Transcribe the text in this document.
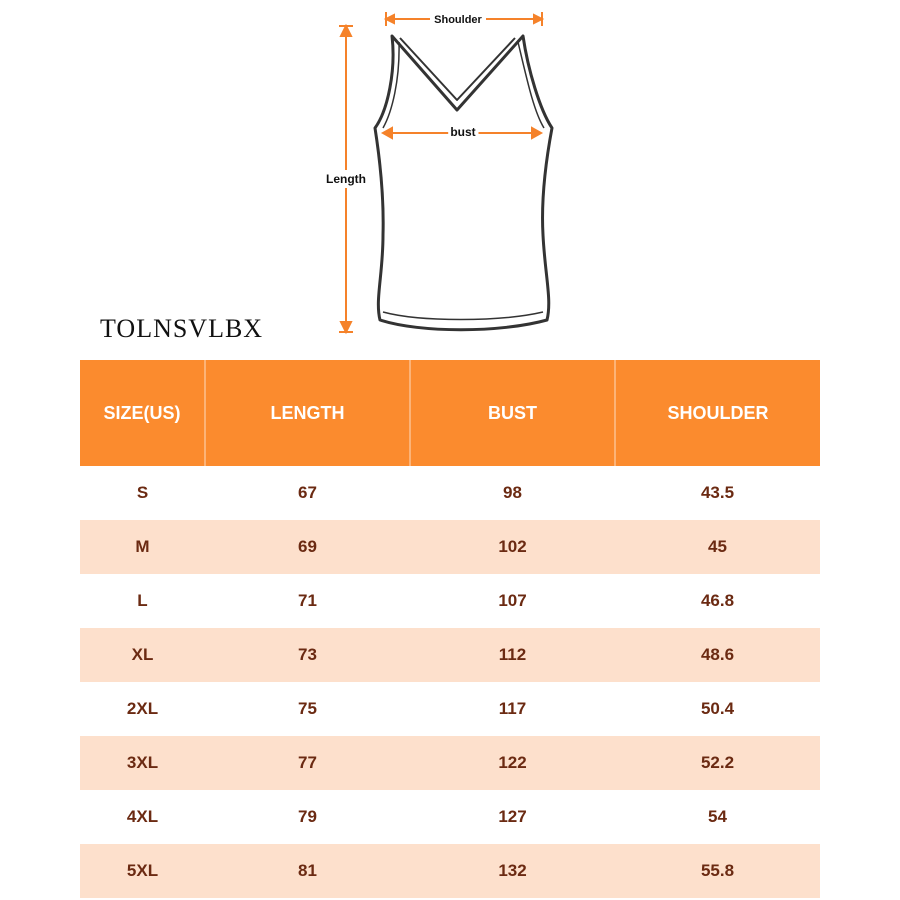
Shoulder
bust
Length
TOLNSVLBX
SIZE(US)	LENGTH	BUST	SHOULDER
S	67	98	43.5
M	69	102	45
L	71	107	46.8
XL	73	112	48.6
2XL	75	117	50.4
3XL	77	122	52.2
4XL	79	127	54
5XL	81	132	55.8
